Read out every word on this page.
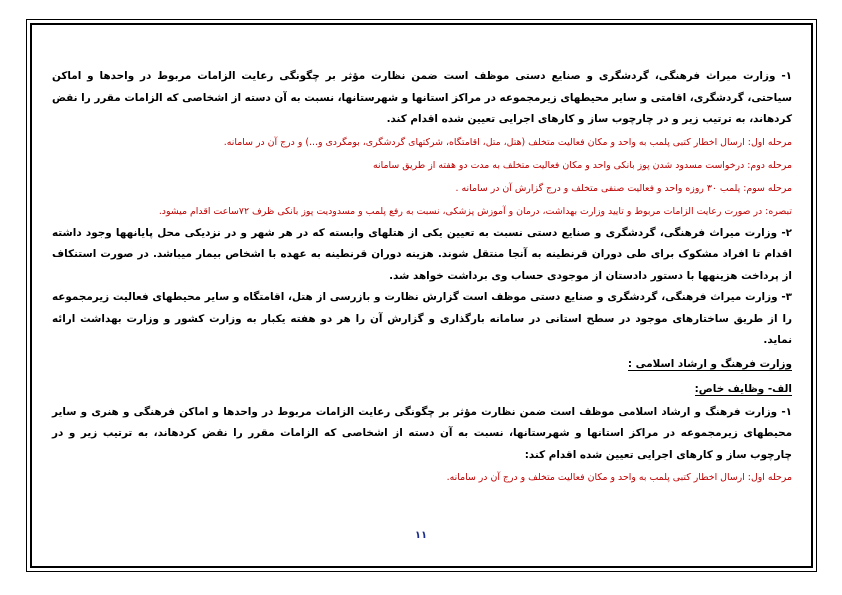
۱- وزارت میراث فرهنگی، گردشگری و صنایع دستی موظف است ضمن نظارت مؤثر بر چگونگی رعایت الزامات مربوط در واحدها و اماکن سیاحتی، گردشگری، اقامتی و سایر محیطهای زیرمجموعه در مراکز استانها و شهرستانها، نسبت به آن دسته از اشخاصی که الزامات مقرر را نقض کردهاند، به ترتیب زیر و در چارچوب ساز و کارهای اجرایی تعیین شده اقدام کند.

مرحله اول: ارسال اخطار کتبی پلمب به واحد و مکان فعالیت متخلف (هتل، متل، اقامتگاه، شرکتهای گردشگری، بومگردی و...) و درج آن در سامانه.

مرحله دوم: درخواست مسدود شدن پوز بانکی واحد و مکان فعالیت متخلف به مدت دو هفته از طریق سامانه

مرحله سوم: پلمب ۳۰ روزه واحد و فعالیت صنفی متخلف و درج گزارش آن در سامانه .

تبصره: در صورت رعایت الزامات مربوط و تایید وزارت بهداشت، درمان و آموزش پزشکی، نسبت به رفع پلمب و مسدودیت پوز بانکی ظرف ۷۲ساعت اقدام میشود.

۲- وزارت میراث فرهنگی، گردشگری و صنایع دستی نسبت به تعیین یکی از هتلهای وابسته که در هر شهر و در نزدیکی محل پایانهها وجود داشته اقدام تا افراد مشکوک برای طی دوران قرنطینه به آنجا منتقل شوند. هزینه دوران قرنطینه به عهده با اشخاص بیمار میباشد. در صورت استنکاف از پرداخت هزینهها با دستور دادستان از موجودی حساب وی برداشت خواهد شد.

۳- وزارت میراث فرهنگی، گردشگری و صنایع دستی موظف است گزارش نظارت و بازرسی از هتل، اقامتگاه و سایر محیطهای فعالیت زیرمجموعه را از طریق ساختارهای موجود در سطح استانی در سامانه بارگذاری و گزارش آن را هر دو هفته یکبار به وزارت کشور و وزارت بهداشت ارائه نماید.

وزارت فرهنگ و ارشاد اسلامی :

الف- وظایف خاص:

۱- وزارت فرهنگ و ارشاد اسلامی موظف است ضمن نظارت مؤثر بر چگونگی رعایت الزامات مربوط در واحدها و اماکن فرهنگی و هنری و سایر محیطهای زیرمجموعه در مراکز استانها و شهرستانها، نسبت به آن دسته از اشخاصی که الزامات مقرر را نقض کردهاند، به ترتیب زیر و در چارچوب ساز و کارهای اجرایی تعیین شده اقدام کند:

مرحله اول: ارسال اخطار کتبی پلمب به واحد و مکان فعالیت متخلف و درج آن در سامانه.

۱۱
